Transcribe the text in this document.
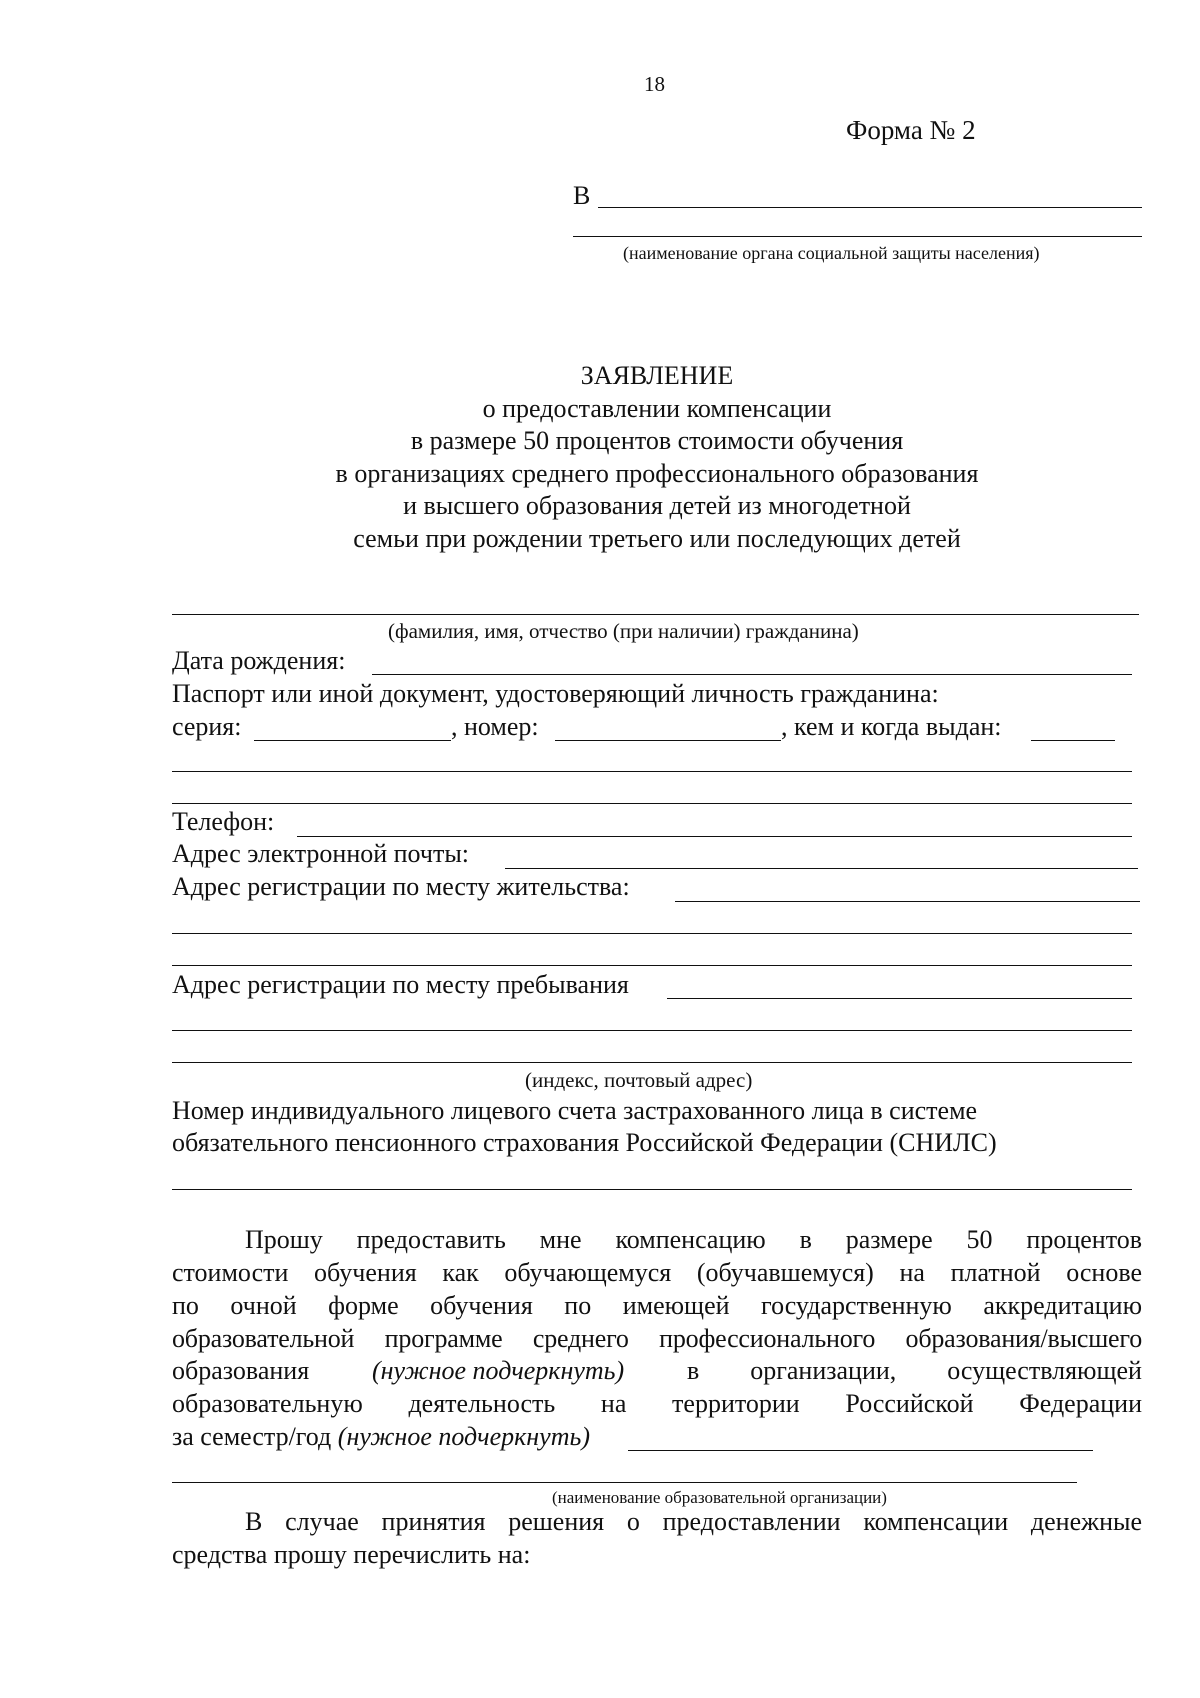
18
Форма № 2
В
(наименование органа социальной защиты населения)
ЗАЯВЛЕНИЕ
о предоставлении компенсации
в размере 50 процентов стоимости обучения
в организациях среднего профессионального образования
и высшего образования детей из многодетной
семьи при рождении третьего или последующих детей
(фамилия, имя, отчество (при наличии) гражданина)
Дата рождения:
Паспорт или иной документ, удостоверяющий личность гражданина:
серия:	, номер:	, кем и когда выдан:
Телефон:
Адрес электронной почты:
Адрес регистрации по месту жительства:
Адрес регистрации по месту пребывания
(индекс, почтовый адрес)
Номер индивидуального лицевого счета застрахованного лица в системе
обязательного пенсионного страхования Российской Федерации (СНИЛС)
Прошу предоставить мне компенсацию в размере 50 процентов
стоимости обучения как обучающемуся (обучавшемуся) на платной основе
по очной форме обучения по имеющей государственную аккредитацию
образовательной программе среднего профессионального образования/высшего
образования (нужное подчеркнуть) в организации, осуществляющей
образовательную деятельность на территории Российской Федерации
за семестр/год (нужное подчеркнуть)
(наименование образовательной организации)
В случае принятия решения о предоставлении компенсации денежные
средства прошу перечислить на:
